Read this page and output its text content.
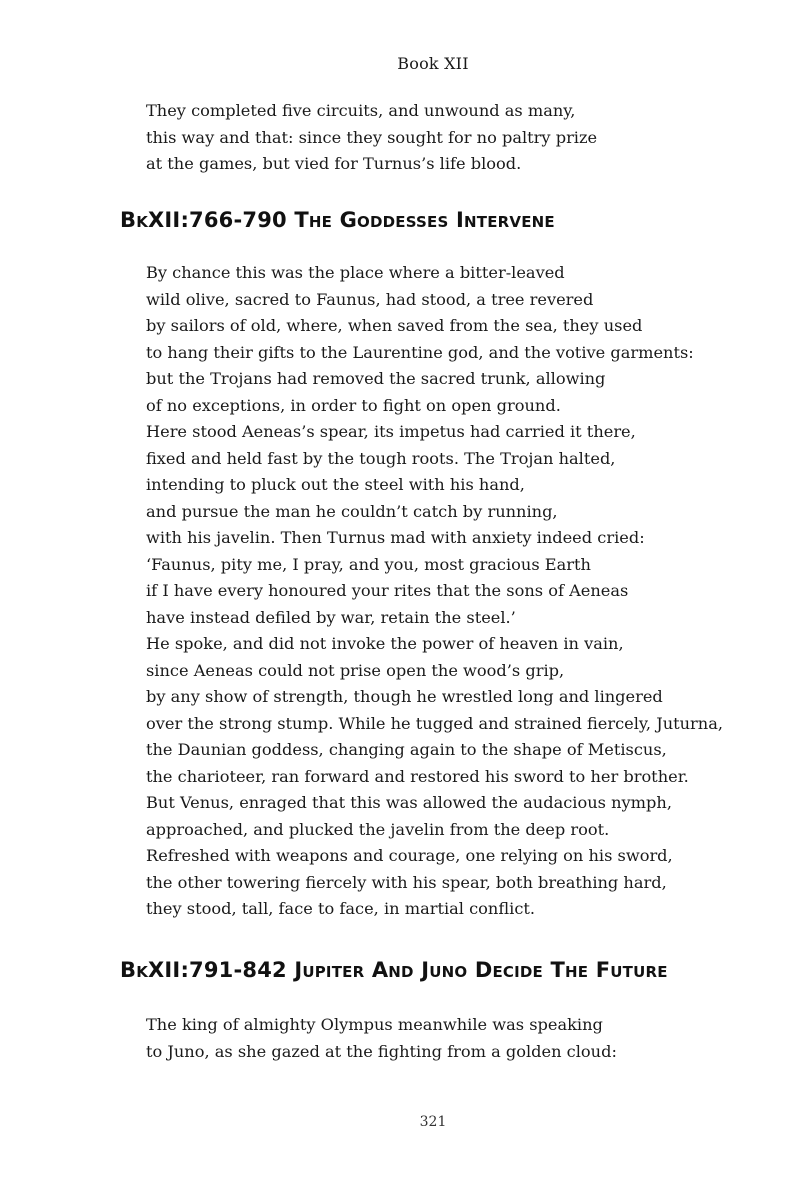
Book XII
They completed five circuits, and unwound as many,
this way and that: since they sought for no paltry prize
at the games, but vied for Turnus’s life blood.
BkXII:766-790 The Goddesses Intervene
By chance this was the place where a bitter-leaved
wild olive, sacred to Faunus, had stood, a tree revered
by sailors of old, where, when saved from the sea, they used
to hang their gifts to the Laurentine god, and the votive garments:
but the Trojans had removed the sacred trunk, allowing
of no exceptions, in order to fight on open ground.
Here stood Aeneas’s spear, its impetus had carried it there,
fixed and held fast by the tough roots. The Trojan halted,
intending to pluck out the steel with his hand,
and pursue the man he couldn’t catch by running,
with his javelin. Then Turnus mad with anxiety indeed cried:
‘Faunus, pity me, I pray, and you, most gracious Earth
if I have every honoured your rites that the sons of Aeneas
have instead defiled by war, retain the steel.’
He spoke, and did not invoke the power of heaven in vain,
since Aeneas could not prise open the wood’s grip,
by any show of strength, though he wrestled long and lingered
over the strong stump. While he tugged and strained fiercely, Juturna,
the Daunian goddess, changing again to the shape of Metiscus,
the charioteer, ran forward and restored his sword to her brother.
But Venus, enraged that this was allowed the audacious nymph,
approached, and plucked the javelin from the deep root.
Refreshed with weapons and courage, one relying on his sword,
the other towering fiercely with his spear, both breathing hard,
they stood, tall, face to face, in martial conflict.
BkXII:791-842 Jupiter And Juno Decide The Future
The king of almighty Olympus meanwhile was speaking
to Juno, as she gazed at the fighting from a golden cloud:
321
